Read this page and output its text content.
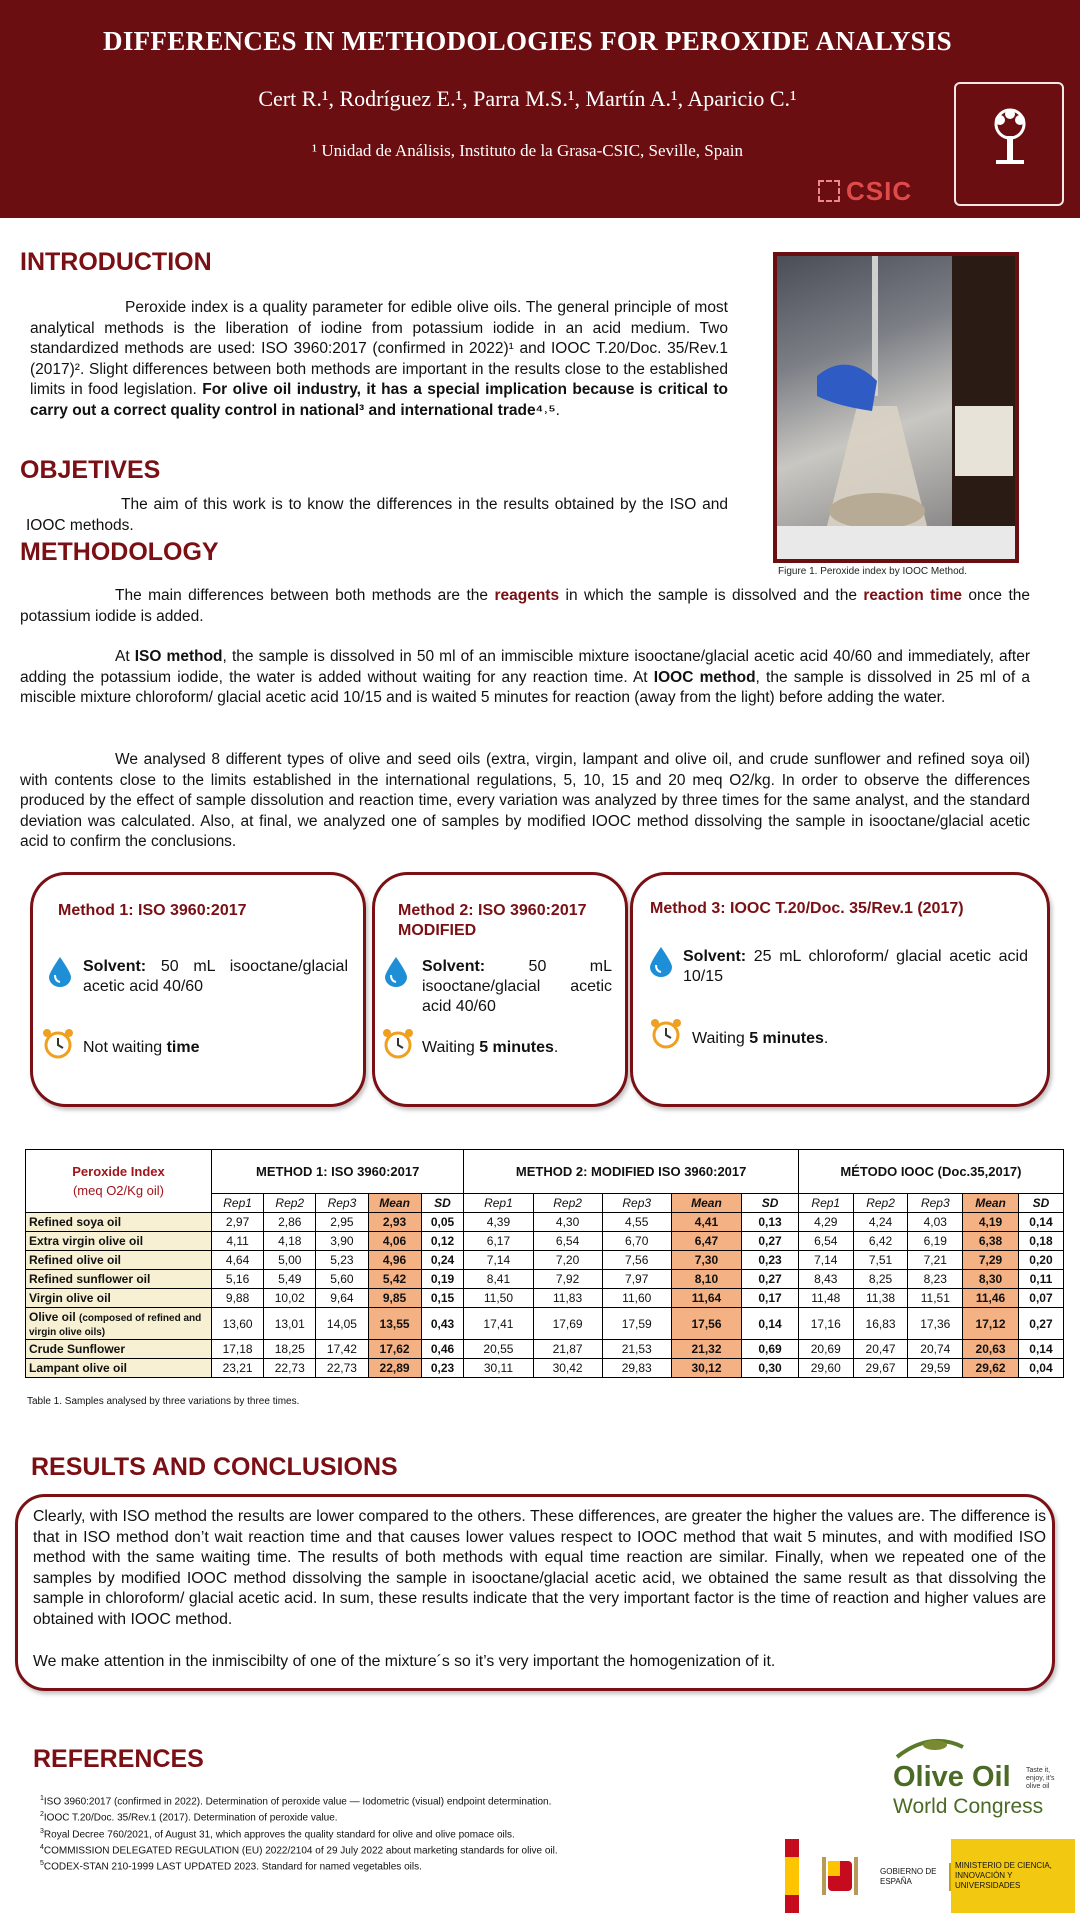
DIFFERENCES IN METHODOLOGIES FOR PEROXIDE ANALYSIS
Cert R.¹, Rodríguez E.¹, Parra M.S.¹, Martín A.¹, Aparicio C.¹
¹ Unidad de Análisis, Instituto de la Grasa-CSIC, Seville, Spain
CSIC
INTRODUCTION
Peroxide index is a quality parameter for edible olive oils. The general principle of most analytical methods is the liberation of iodine from potassium iodide in an acid medium. Two standardized methods are used: ISO 3960:2017 (confirmed in 2022)¹ and IOOC T.20/Doc. 35/Rev.1 (2017)². Slight differences between both methods are important in the results close to the established limits in food legislation. For olive oil industry, it has a special implication because is critical to carry out a correct quality control in national³ and international trade⁴˒⁵.
OBJETIVES
The aim of this work is to know the differences in the results obtained by the ISO and IOOC methods.
Figure 1. Peroxide index by IOOC Method.
METHODOLOGY
The main differences between both methods are the reagents in which the sample is dissolved and the reaction time once the potassium iodide is added.
At ISO method, the sample is dissolved in 50 ml of an immiscible mixture isooctane/glacial acetic acid 40/60 and immediately, after adding the potassium iodide, the water is added without waiting for any reaction time. At IOOC method, the sample is dissolved in 25 ml of a miscible mixture chloroform/ glacial acetic acid 10/15 and is waited 5 minutes for reaction (away from the light) before adding the water.
We analysed 8 different types of olive and seed oils (extra, virgin, lampant and olive oil, and crude sunflower and refined soya oil) with contents close to the limits established in the international regulations, 5, 10, 15 and 20 meq O2/kg. In order to observe the differences produced by the effect of sample dissolution and reaction time, every variation was analyzed by three times for the same analyst, and the standard deviation was calculated. Also, at final, we analyzed one of samples by modified IOOC method dissolving the sample in isooctane/glacial acetic acid to confirm the conclusions.
Method 1: ISO 3960:2017
Solvent: 50 mL isooctane/glacial acetic acid 40/60
Not waiting time
Method 2: ISO 3960:2017 MODIFIED
Solvent:	50 mL isooctane/glacial acetic acid 40/60
Waiting 5 minutes.
Method 3: IOOC T.20/Doc. 35/Rev.1 (2017)
Solvent: 25 mL chloroform/ glacial acetic acid 10/15
Waiting 5 minutes.
Peroxide Index
(meq O2/Kg oil)	METHOD 1: ISO 3960:2017					METHOD 2: MODIFIED ISO 3960:2017					MÉTODO IOOC (Doc.35,2017)				
	Rep1	Rep2	Rep3	Mean	SD	Rep1	Rep2	Rep3	Mean	SD	Rep1	Rep2	Rep3	Mean	SD
Refined soya oil	2,97	2,86	2,95	2,93	0,05	4,39	4,30	4,55	4,41	0,13	4,29	4,24	4,03	4,19	0,14
Extra virgin olive oil	4,11	4,18	3,90	4,06	0,12	6,17	6,54	6,70	6,47	0,27	6,54	6,42	6,19	6,38	0,18
Refined olive oil	4,64	5,00	5,23	4,96	0,24	7,14	7,20	7,56	7,30	0,23	7,14	7,51	7,21	7,29	0,20
Refined sunflower oil	5,16	5,49	5,60	5,42	0,19	8,41	7,92	7,97	8,10	0,27	8,43	8,25	8,23	8,30	0,11
Virgin olive oil	9,88	10,02	9,64	9,85	0,15	11,50	11,83	11,60	11,64	0,17	11,48	11,38	11,51	11,46	0,07
Olive oil (composed of refined and virgin olive oils)	13,60	13,01	14,05	13,55	0,43	17,41	17,69	17,59	17,56	0,14	17,16	16,83	17,36	17,12	0,27
Crude Sunflower	17,18	18,25	17,42	17,62	0,46	20,55	21,87	21,53	21,32	0,69	20,69	20,47	20,74	20,63	0,14
Lampant olive oil	23,21	22,73	22,73	22,89	0,23	30,11	30,42	29,83	30,12	0,30	29,60	29,67	29,59	29,62	0,04
Table 1. Samples analysed by three variations by three times.
RESULTS AND CONCLUSIONS
Clearly, with ISO method the results are lower compared to the others. These differences, are greater the higher the values are. The difference is that in ISO method don’t wait reaction time and that causes lower values respect to IOOC method that wait 5 minutes, and with modified ISO method with the same waiting time. The results of both methods with equal time reaction are similar. Finally, when we repeated one of the samples by modified IOOC method dissolving the sample in isooctane/glacial acetic acid, we obtained the same result as that dissolving the sample in chloroform/ glacial acetic acid. In sum, these results indicate that the very important factor is the time of reaction and higher values are obtained with IOOC method.
We make attention in the inmiscibilty of one of the mixture´s so it’s very important the homogenization of it.
REFERENCES
$^1$ISO 3960:2017 (confirmed in 2022). Determination of peroxide value — Iodometric (visual) endpoint determination.
$^2$IOOC T.20/Doc. 35/Rev.1 (2017). Determination of peroxide value.
$^3$Royal Decree 760/2021, of August 31, which approves the quality standard for olive and olive pomace oils.
$^4$COMMISSION DELEGATED REGULATION (EU) 2022/2104 of 29 July 2022 about marketing standards for olive oil.
$^5$CODEX-STAN 210-1999 LAST UPDATED 2023. Standard for named vegetables oils.
Olive Oil
World Congress
Taste it, enjoy, it's olive oil
GOBIERNO DE ESPAÑA
MINISTERIO DE CIENCIA, INNOVACIÓN Y UNIVERSIDADES
